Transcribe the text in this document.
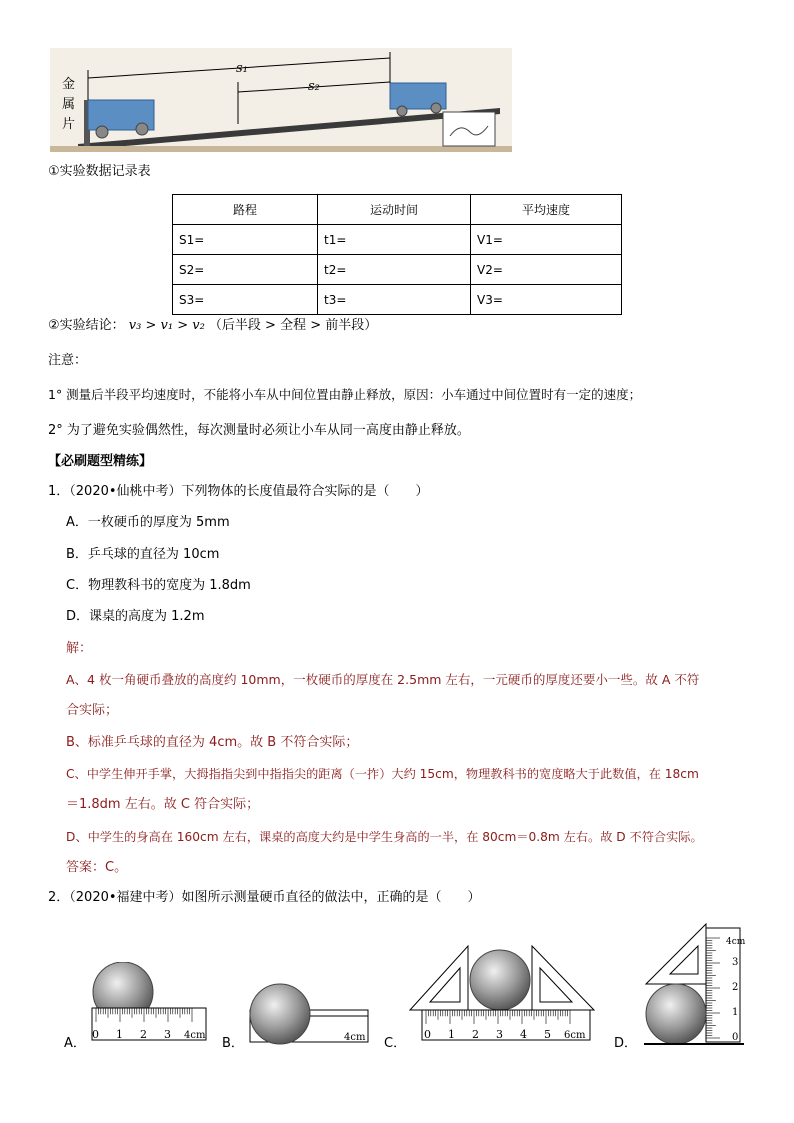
金
属
片
s₁
s₂
①实验数据记录表
路程	运动时间	平均速度
S1=	t1=	V1=
S2=	t2=	V2=
S3=	t3=	V3=
②实验结论： v₃ > v₁ > v₂ （后半段 > 全程 > 前半段）
注意：
1° 测量后半段平均速度时，不能将小车从中间位置由静止释放，原因：小车通过中间位置时有一定的速度；
2° 为了避免实验偶然性，每次测量时必须让小车从同一高度由静止释放。
【必刷题型精练】
1．（2020•仙桃中考）下列物体的长度值最符合实际的是（　　）
A．一枚硬币的厚度为 5mm
B．乒乓球的直径为 10cm
C．物理教科书的宽度为 1.8dm
D．课桌的高度为 1.2m
解：
A、4 枚一角硬币叠放的高度约 10mm，一枚硬币的厚度在 2.5mm 左右，一元硬币的厚度还要小一些。故 A 不符
合实际；
B、标准乒乓球的直径为 4cm。故 B 不符合实际；
C、中学生伸开手掌，大拇指指尖到中指指尖的距离（一拃）大约 15cm，物理教科书的宽度略大于此数值，在 18cm
＝1.8dm 左右。故 C 符合实际；
D、中学生的身高在 160cm 左右，课桌的高度大约是中学生身高的一半，在 80cm＝0.8m 左右。故 D 不符合实际。
答案：C。
2．（2020•福建中考）如图所示测量硬币直径的做法中，正确的是（　　）
0 1 2 3 4cm
A．	4cm
B．
0 1 2 3 4 5 6cm
C．	0
1
2
3
4cm
D．
